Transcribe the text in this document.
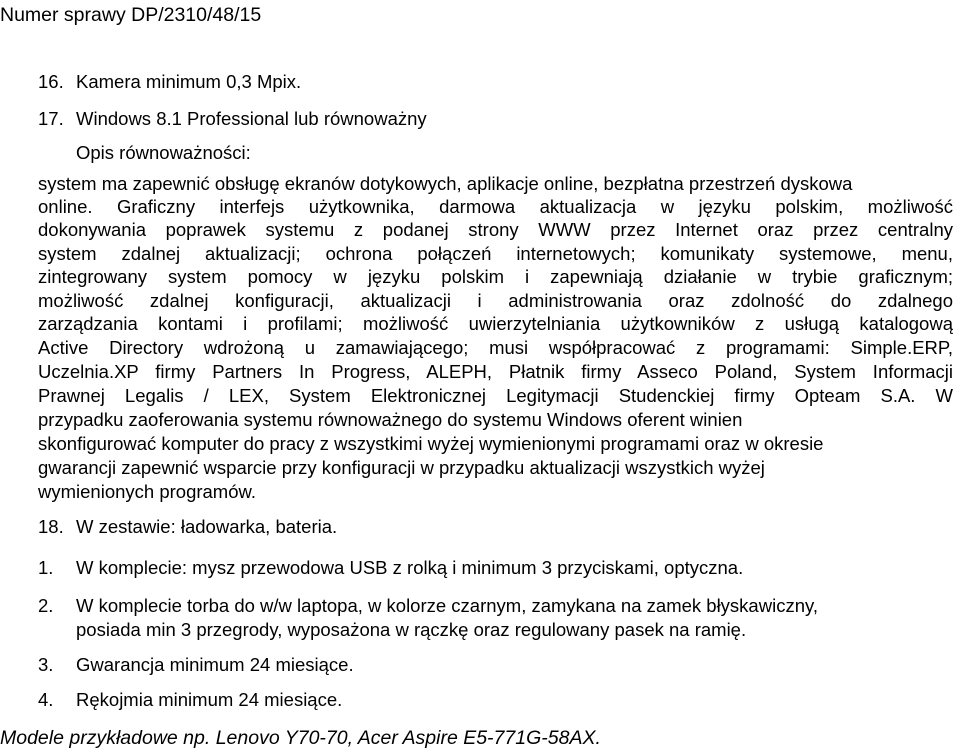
Numer sprawy DP/2310/48/15
16. Kamera minimum 0,3 Mpix.
17. Windows 8.1 Professional lub równoważny
Opis równoważności:
system ma zapewnić obsługę ekranów dotykowych, aplikacje online, bezpłatna przestrzeń dyskowa
online. Graficzny interfejs użytkownika, darmowa aktualizacja w języku polskim, możliwość
dokonywania poprawek systemu z podanej strony WWW przez Internet oraz przez centralny
system zdalnej aktualizacji; ochrona połączeń internetowych; komunikaty systemowe, menu,
zintegrowany system pomocy w języku polskim i zapewniają działanie w trybie graficznym;
możliwość zdalnej konfiguracji, aktualizacji i administrowania oraz zdolność do zdalnego
zarządzania kontami i profilami; możliwość uwierzytelniania użytkowników z usługą katalogową
Active Directory wdrożoną u zamawiającego; musi współpracować z programami: Simple.ERP,
Uczelnia.XP firmy Partners In Progress, ALEPH, Płatnik firmy Asseco Poland, System Informacji
Prawnej Legalis / LEX, System Elektronicznej Legitymacji Studenckiej firmy Opteam S.A. W
przypadku zaoferowania systemu równoważnego do systemu Windows oferent winien
skonfigurować komputer do pracy z wszystkimi wyżej wymienionymi programami oraz w okresie
gwarancji zapewnić wsparcie przy konfiguracji w przypadku aktualizacji wszystkich wyżej
wymienionych programów.
18. W zestawie: ładowarka, bateria.
1. W komplecie: mysz przewodowa USB z rolką i minimum 3 przyciskami, optyczna.
2. W komplecie torba do w/w laptopa, w kolorze czarnym, zamykana na zamek błyskawiczny,
posiada min 3 przegrody, wyposażona w rączkę oraz regulowany pasek na ramię.
3. Gwarancja minimum 24 miesiące.
4. Rękojmia minimum 24 miesiące.
Modele przykładowe np. Lenovo Y70-70, Acer Aspire E5-771G-58AX.
